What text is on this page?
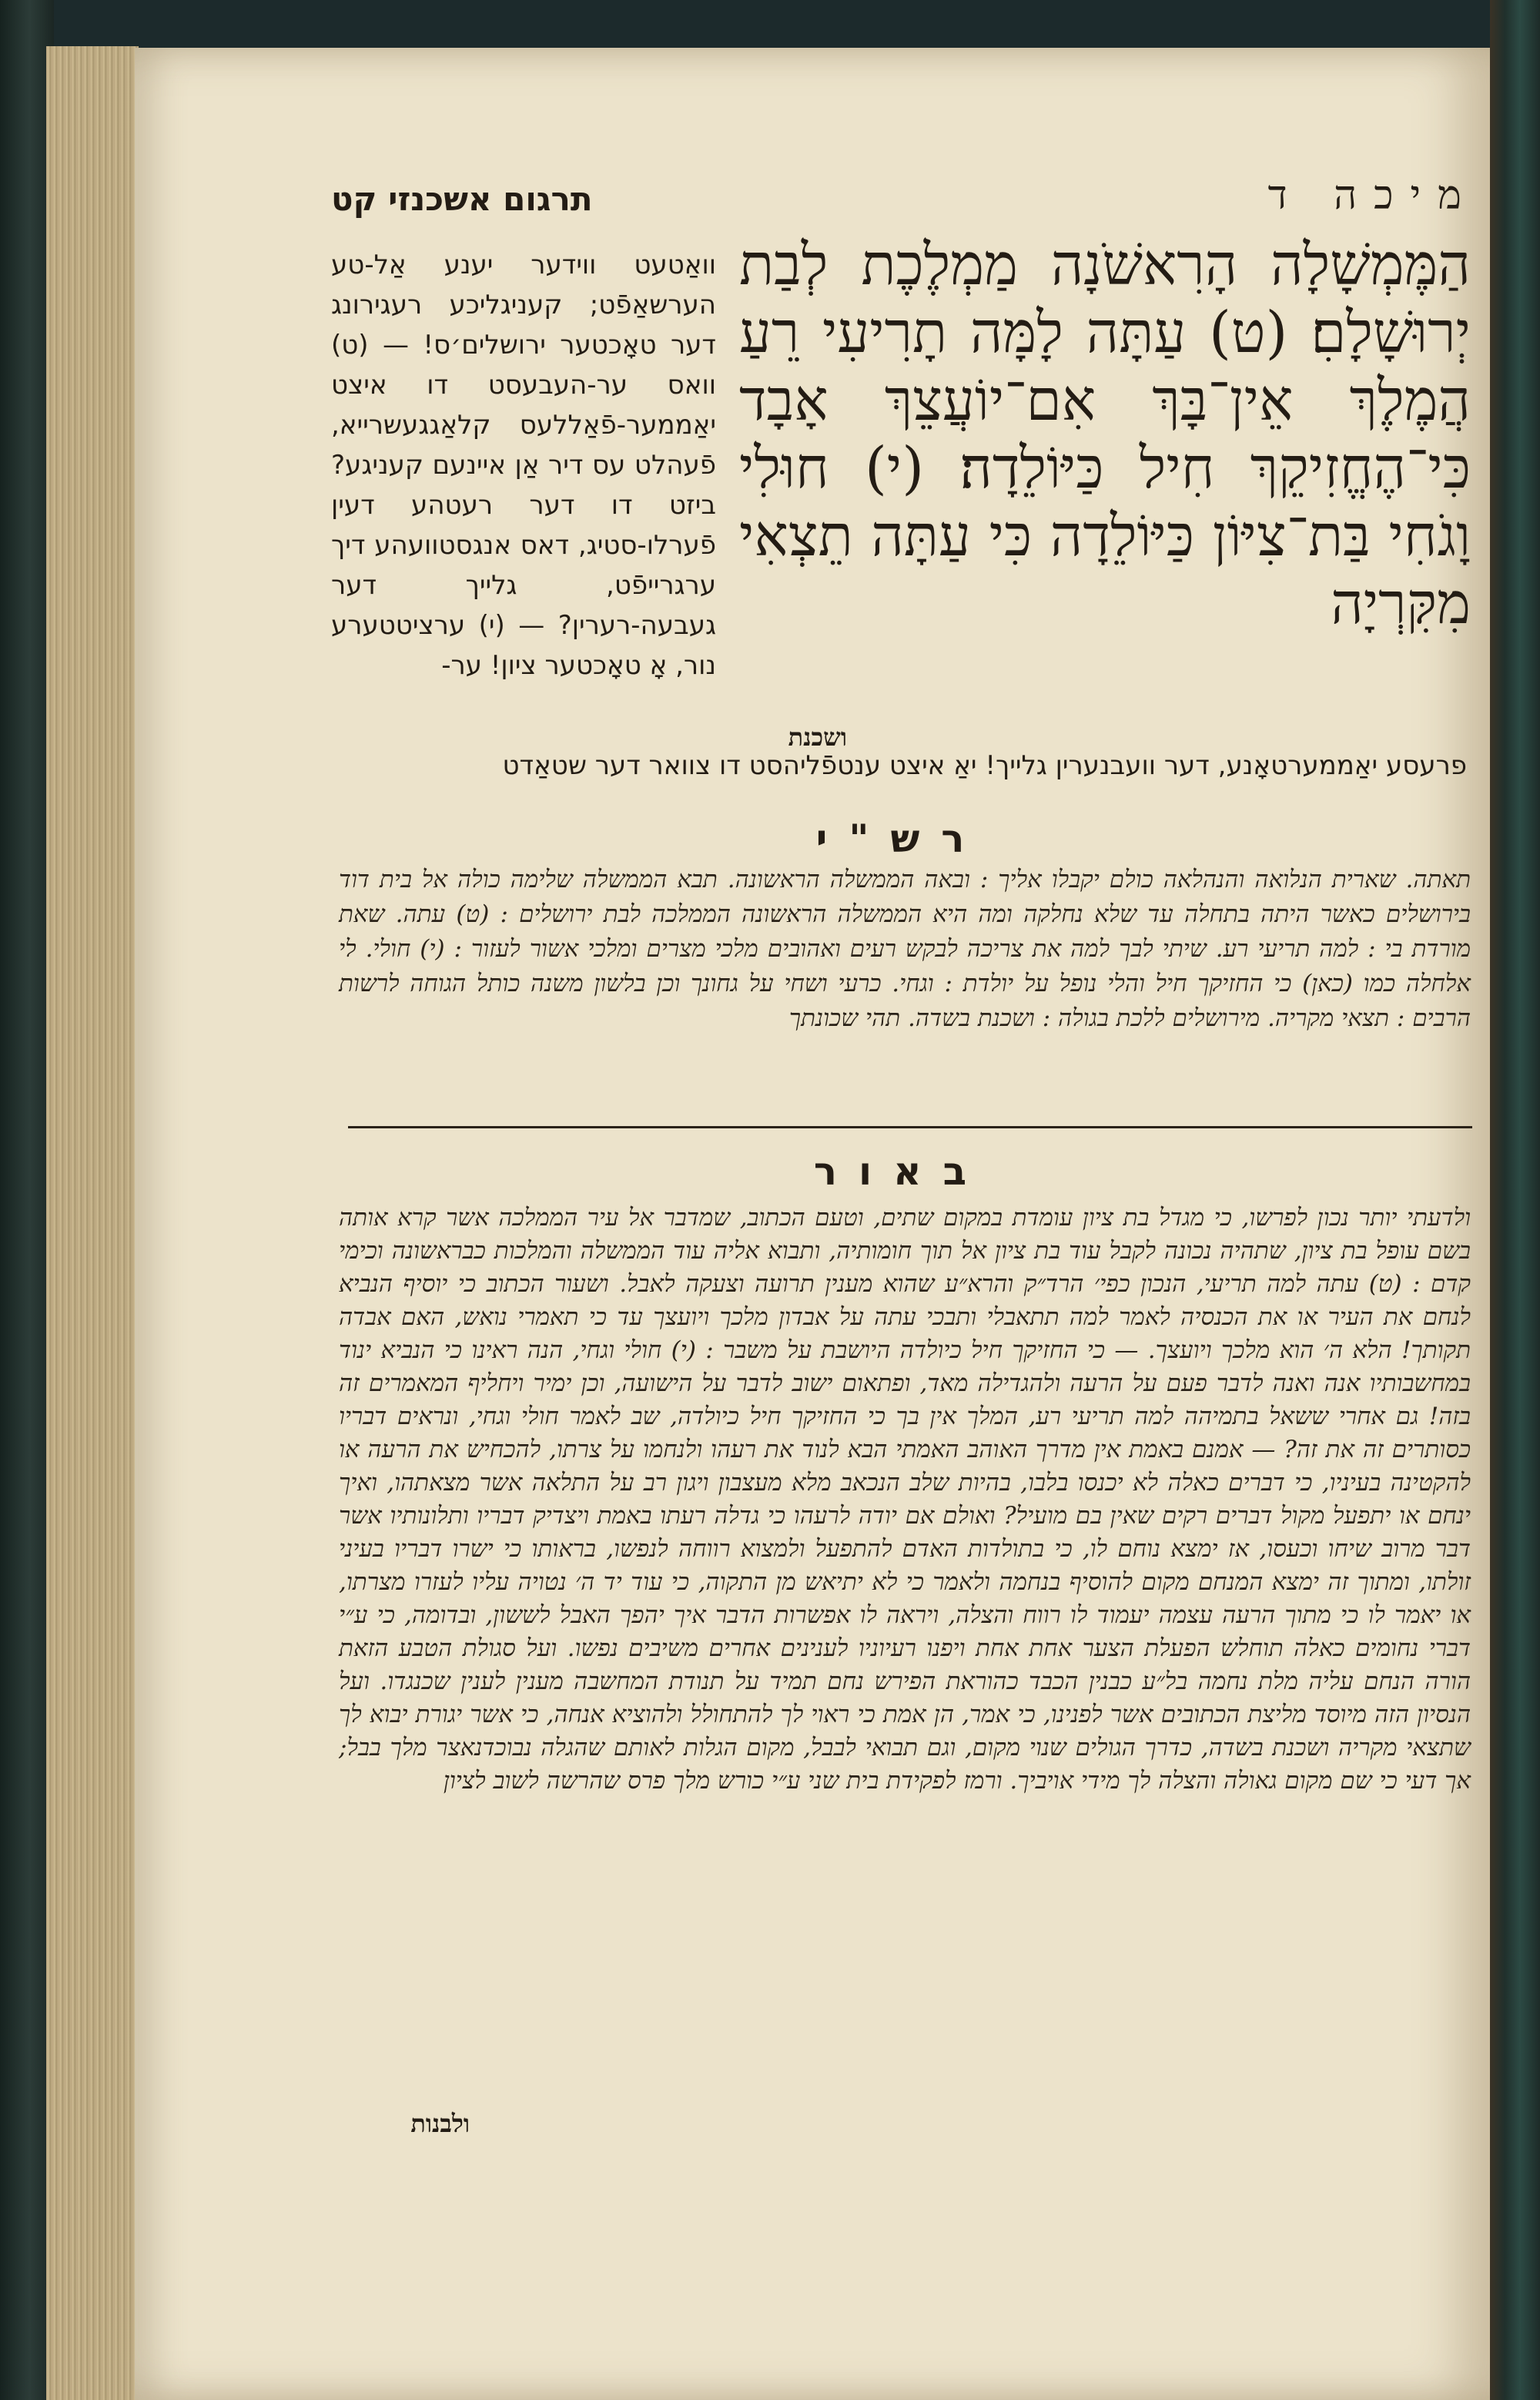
מיכה ד
תרגום אשכנזי קט
הַמֶּמְשָׁלָה הָרִאשֹׁנָה מַמְלֶכֶת לְבַת יְרוּשָׁלָםִ׃ (ט) עַתָּה לָמָּה תָרִיעִי רֵעַ הֲמֶלֶךְ אֵין־בָּךְ אִם־יוֹעֲצֵךְ אָבָד כִּי־הֶחֱזִיקֵךְ חִיל כַּיּוֹלֵדָה׃ (י) חוּלִי וָגֹחִי בַּת־צִיּוֹן כַּיּוֹלֵדָה כִּי עַתָּה תֵצְאִי מִקִּרְיָה
ושכנת
וואַטעט ווידער יענע אַל-טע הערשאַפֿט; קעניגליכע רעגירונג דער טאָכטער ירושלים׳ס! — (ט) וואס ער-העבעסט דו איצט יאַממער-פֿאַללעס קלאַגגעשרייא, פֿעהלט עס דיר אַן איינעם קעניגע? ביזט דו דער רעטהע דעין פֿערלו-סטיג, דאס אנגסטוועהע דיך ערגרייפֿט, גלייך דער געבעה-רערין? — (י) ערציטטערע נור, אָ טאָכטער ציון! ער-
פרעסע יאַממערטאָנע, דער וועבנערין גלייך! יאַ איצט ענטפֿליהסט דו צוואר דער שטאַדט
רש"י
תאתה. שארית הנלואה והנהלאה כולם יקבלו אליך : ובאה הממשלה הראשונה. תבא הממשלה שלימה כולה אל בית דוד בירושלים כאשר היתה בתחלה עד שלא נחלקה ומה היא הממשלה הראשונה הממלכה לבת ירושלים : (ט) עתה. שאת מורדת בי : למה תריעי רע. שיתי לבך למה את צריכה לבקש רעים ואהובים מלכי מצרים ומלכי אשור לעזור : (י) חולי. לי אלחלה כמו (כאן) כי החזיקך חיל והלי נופל על יולדת : וגחי. כרעי ושחי על גחונך וכן בלשון משנה כותל הגוחה לרשות הרבים : תצאי מקריה. מירושלים ללכת בגולה : ושכנת בשדה. תהי שכונתך
באור
ולדעתי יותר נכון לפרשו, כי מגדל בת ציון עומדת במקום שתים, וטעם הכתוב, שמדבר אל עיר הממלכה אשר קרא אותה בשם עופל בת ציון, שתהיה נכונה לקבל עוד בת ציון אל תוך חומותיה, ותבוא אליה עוד הממשלה והמלכות כבראשונה וכימי קדם : (ט) עתה למה תריעי, הנכון כפי׳ הרד״ק והרא״ע שהוא מענין תרועה וצעקה לאבל. ושעור הכתוב כי יוסיף הנביא לנחם את העיר או את הכנסיה לאמר למה תתאבלי ותבכי עתה על אבדון מלכך ויועצך עד כי תאמרי נואש, האם אבדה תקותך! הלא ה׳ הוא מלכך ויועצך. — כי החזיקך חיל כיולדה היושבת על משבר : (י) חולי וגחי, הנה ראינו כי הנביא ינוד במחשבותיו אנה ואנה לדבר פעם על הרעה ולהגדילה מאד, ופתאום ישוב לדבר על הישועה, וכן ימיר ויחליף המאמרים זה בזה! גם אחרי ששאל בתמיהה למה תריעי רע, המלך אין בך כי החזיקך חיל כיולדה, שב לאמר חולי וגחי, ונראים דבריו כסותרים זה את זה? — אמנם באמת אין מדרך האוהב האמתי הבא לנוד את רעהו ולנחמו על צרתו, להכחיש את הרעה או להקטינה בעיניו, כי דברים כאלה לא יכנסו בלבו, בהיות שלב הנכאב מלא מעצבון ויגון רב על התלאה אשר מצאתהו, ואיך ינחם או יתפעל מקול דברים רקים שאין בם מועיל? ואולם אם יודה לרעהו כי גדלה רעתו באמת ויצדיק דבריו ותלונותיו אשר דבר מרוב שיחו וכעסו, אז ימצא נוחם לו, כי בתולדות האדם להתפעל ולמצוא רווחה לנפשו, בראותו כי ישרו דבריו בעיני זולתו, ומתוך זה ימצא המנחם מקום להוסיף בנחמה ולאמר כי לא יתיאש מן התקוה, כי עוד יד ה׳ נטויה עליו לעזרו מצרתו, או יאמר לו כי מתוך הרעה עצמה יעמוד לו רווח והצלה, ויראה לו אפשרות הדבר איך יהפך האבל לששון, ובדומה, כי ע״י דברי נחומים כאלה תוחלש הפעלת הצער אחת אחת ויפנו רעיוניו לענינים אחרים משיבים נפשו. ועל סגולת הטבע הזאת הורה הנחם עליה מלת נחמה בל״ע כבנין הכבד כהוראת הפירש נחם תמיד על תנודת המחשבה מענין לענין שכנגדו. ועל הנסיון הזה מיוסד מליצת הכתובים אשר לפנינו, כי אמר, הן אמת כי ראוי לך להתחולל ולהוציא אנחה, כי אשר יגורת יבוא לך שתצאי מקריה ושכנת בשדה, כדרך הגולים שנוי מקום, וגם תבואי לבבל, מקום הגלות לאותם שהגלה נבוכדנאצר מלך בבל; אך דעי כי שם מקום גאולה והצלה לך מידי אויביך. ורמז לפקידת בית שני ע״י כורש מלך פרס שהרשה לשוב לציון
ולבנות
